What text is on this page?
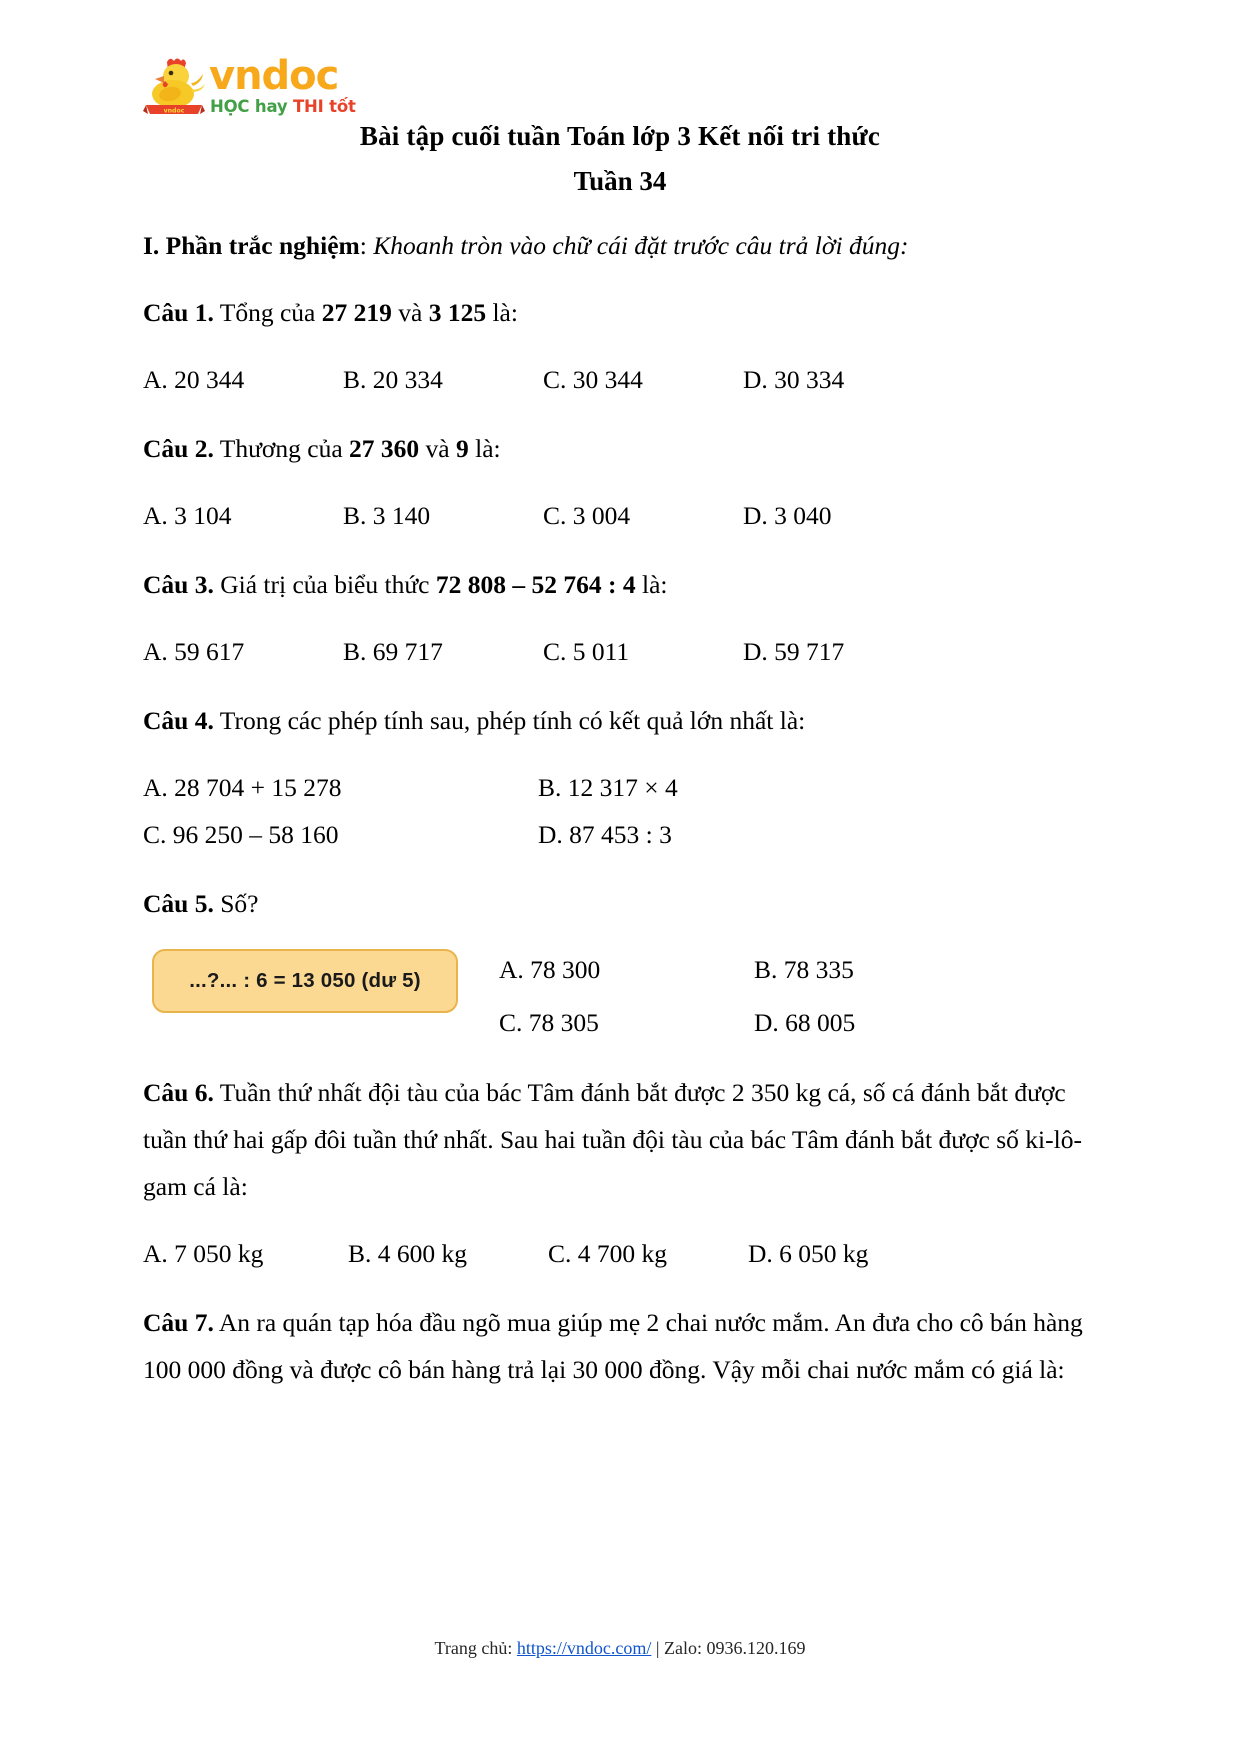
vndoc
vndoc
HỌC hay THI tốt
Bài tập cuối tuần Toán lớp 3 Kết nối tri thức
Tuần 34

I. Phần trắc nghiệm: Khoanh tròn vào chữ cái đặt trước câu trả lời đúng:

Câu 1. Tổng của 27 219 và 3 125 là:

A. 20 344	B. 20 334	C. 30 344	D. 30 334

Câu 2. Thương của 27 360 và 9 là:

A. 3 104	B. 3 140	C. 3 004	D. 3 040

Câu 3. Giá trị của biểu thức 72 808 – 52 764 : 4 là:

A. 59 617	B. 69 717	C. 5 011	D. 59 717

Câu 4. Trong các phép tính sau, phép tính có kết quả lớn nhất là:

A. 28 704 + 15 278	B. 12 317 × 4
C. 96 250 – 58 160	D. 87 453 : 3

Câu 5. Số?

...?... : 6 = 13 050 (dư 5)	A. 78 300	B. 78 335
C. 78 305	D. 68 005

Câu 6. Tuần thứ nhất đội tàu của bác Tâm đánh bắt được 2 350 kg cá, số cá đánh bắt được tuần thứ hai gấp đôi tuần thứ nhất. Sau hai tuần đội tàu của bác Tâm đánh bắt được số ki-lô-gam cá là:

A. 7 050 kg	B. 4 600 kg	C. 4 700 kg	D. 6 050 kg

Câu 7. An ra quán tạp hóa đầu ngõ mua giúp mẹ 2 chai nước mắm. An đưa cho cô bán hàng 100 000 đồng và được cô bán hàng trả lại 30 000 đồng. Vậy mỗi chai nước mắm có giá là:

Trang chủ: https://vndoc.com/ | Zalo: 0936.120.169
